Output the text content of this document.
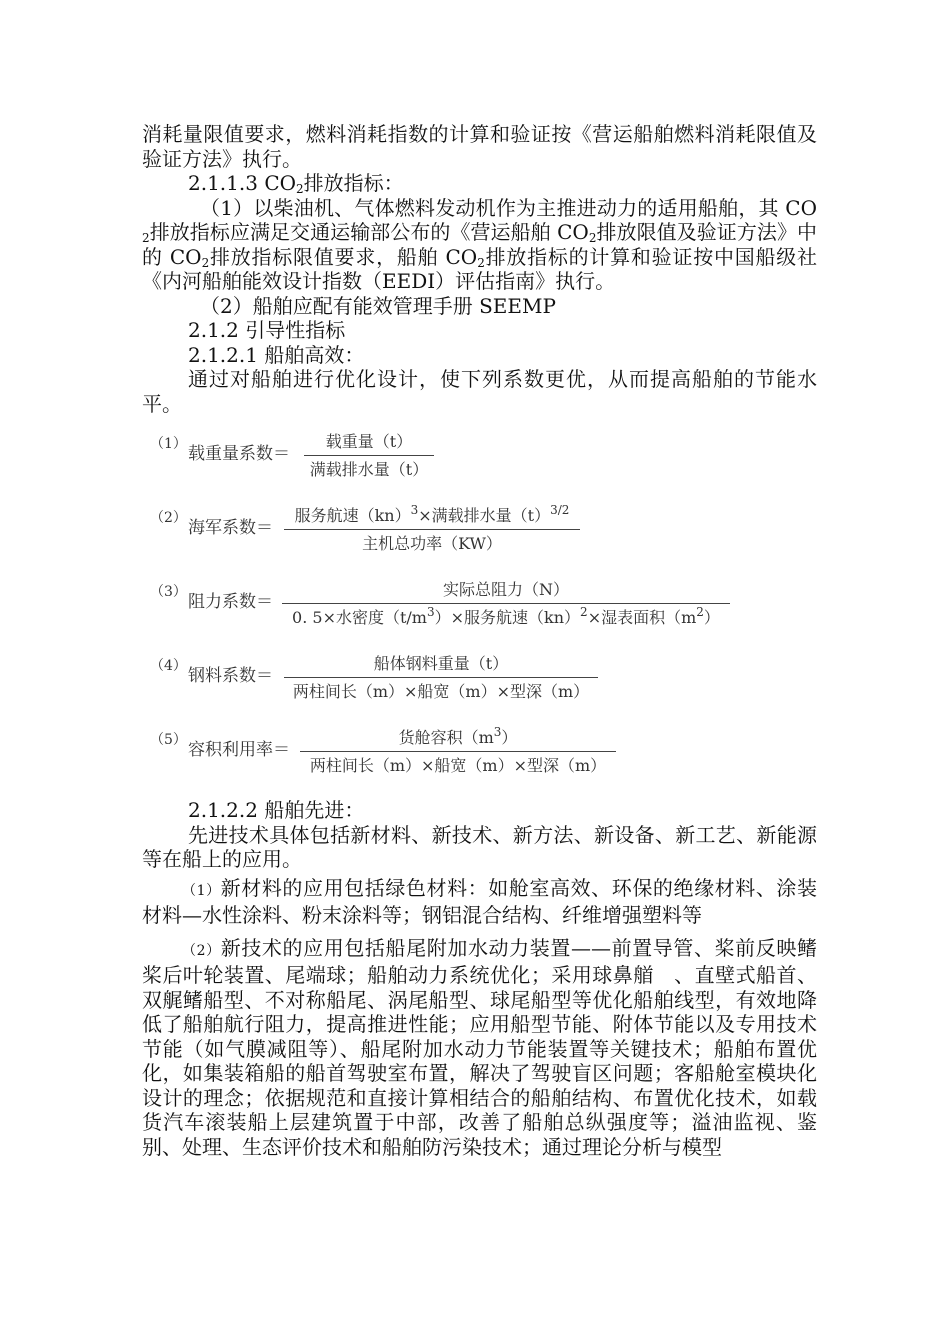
消耗量限值要求，燃料消耗指数的计算和验证按《营运船舶燃料消耗限值及验证方法》执行。

2.1.1.3 $CO_2$排放指标：

（1）以柴油机、气体燃料发动机作为主推进动力的适用船舶，其 $CO_2$排放指标应满足交通运输部公布的《营运船舶 $CO_2$排放限值及验证方法》中的 $CO_2$排放指标限值要求，船舶 $CO_2$排放指标的计算和验证按中国船级社《内河船舶能效设计指数（EEDI）评估指南》执行。

（2）船舶应配有能效管理手册 SEEMP

2.1.2 引导性指标

2.1.2.1 船舶高效：

通过对船舶进行优化设计，使下列系数更优，从而提高船舶的节能水平。

（1） 载重量系数＝
载重量（t）
满载排水量（t）
（2） 海军系数＝
服务航速（kn）$^3$×满载排水量$(t)^{3/2}$
主机总功率（KW）
（3） 阻力系数＝
实际总阻力（N）
0. 5×水密度$(t/m^3)\times$服务航速（kn）$^2$×湿表面积$(m^2)$
（4） 钢料系数＝
船体钢料重量（t）
两柱间长（m）×船宽（m）×型深（m）
（5） 容积利用率＝
货舱容积$(m^3)$
两柱间长（m）×船宽（m）×型深（m）

2.1.2.2 船舶先进：

先进技术具体包括新材料、新技术、新方法、新设备、新工艺、新能源等在船上的应用。

（1）新材料的应用包括绿色材料：如舱室高效、环保的绝缘材料、涂装材料—水性涂料、粉末涂料等；钢铝混合结构、纤维增强塑料等

（2）新技术的应用包括船尾附加水动力装置——前置导管、桨前反映鳍桨后叶轮装置、尾端球；船舶动力系统优化；采用球鼻艏　、直壁式船首、双艉鳍船型、不对称船尾、涡尾船型、球尾船型等优化船舶线型，有效地降低了船舶航行阻力，提高推进性能；应用船型节能、附体节能以及专用技术节能（如气膜减阻等）、船尾附加水动力节能装置等关键技术；船舶布置优化，如集装箱船的船首驾驶室布置，解决了驾驶盲区问题；客船舱室模块化设计的理念；依据规范和直接计算相结合的船舶结构、布置优化技术，如载货汽车滚装船上层建筑置于中部，改善了船舶总纵强度等；溢油监视、鉴别、处理、生态评价技术和船舶防污染技术；通过理论分析与模型
